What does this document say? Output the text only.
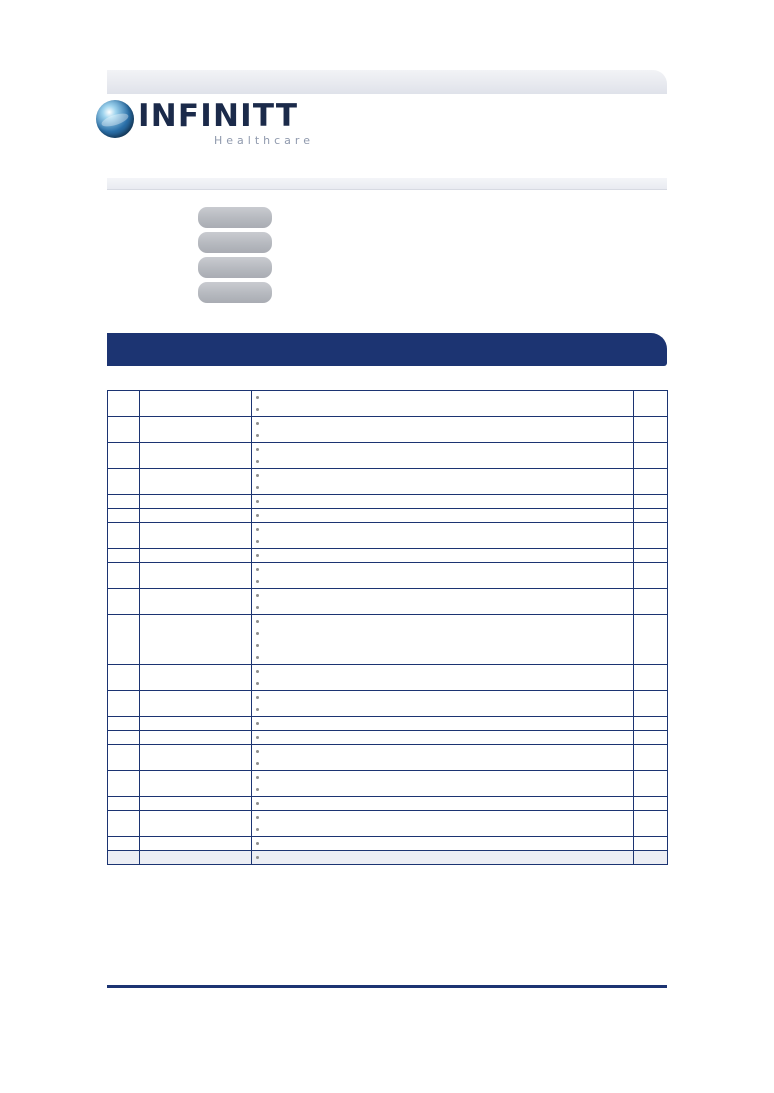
INFINITT
Healthcare
